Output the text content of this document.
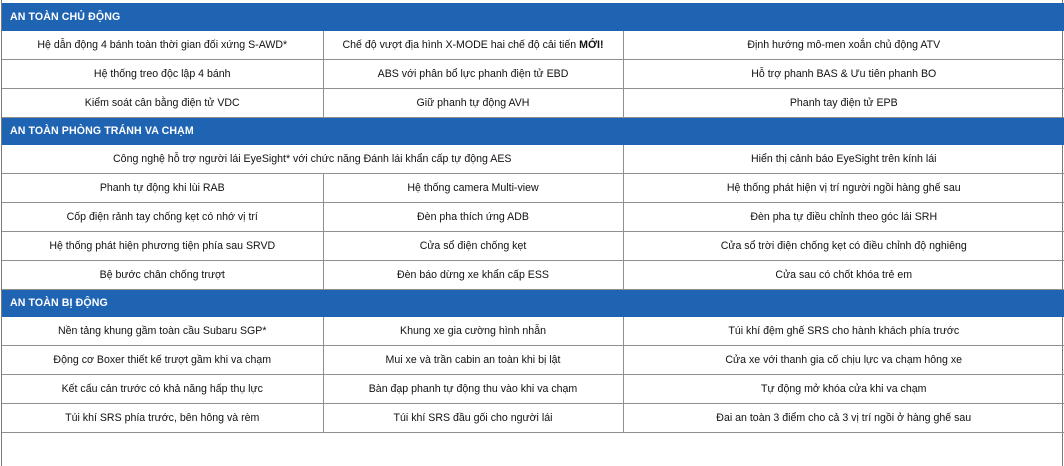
AN TOÀN CHỦ ĐỘNG		
Hệ dẫn động 4 bánh toàn thời gian đối xứng S-AWD*	Chế độ vượt địa hình X-MODE hai chế độ cải tiến MỚI!	Định hướng mô-men xoắn chủ động ATV
Hệ thống treo độc lập 4 bánh	ABS với phân bổ lực phanh điện tử EBD	Hỗ trợ phanh BAS & Ưu tiên phanh BO
Kiểm soát cân bằng điện tử VDC	Giữ phanh tự động AVH	Phanh tay điện tử EPB
AN TOÀN PHÒNG TRÁNH VA CHẠM		
Công nghệ hỗ trợ người lái EyeSight* với chức năng Đánh lái khẩn cấp tự động AES		Hiển thị cảnh báo EyeSight trên kính lái
Phanh tự động khi lùi RAB	Hệ thống camera Multi-view	Hệ thống phát hiện vị trí người ngồi hàng ghế sau
Cốp điện rảnh tay chống kẹt có nhớ vị trí	Đèn pha thích ứng ADB	Đèn pha tự điều chỉnh theo góc lái SRH
Hệ thống phát hiện phương tiện phía sau SRVD	Cửa sổ điện chống kẹt	Cửa sổ trời điện chống kẹt có điều chỉnh độ nghiêng
Bệ bước chân chống trượt	Đèn báo dừng xe khẩn cấp ESS	Cửa sau có chốt khóa trẻ em
AN TOÀN BỊ ĐỘNG		
Nền tảng khung gầm toàn cầu Subaru SGP*	Khung xe gia cường hình nhẫn	Túi khí đệm ghế SRS cho hành khách phía trước
Động cơ Boxer thiết kế trượt gầm khi va chạm	Mui xe và trần cabin an toàn khi bị lật	Cửa xe với thanh gia cố chịu lực va chạm hông xe
Kết cấu cản trước có khả năng hấp thụ lực	Bàn đạp phanh tự động thu vào khi va chạm	Tự động mở khóa cửa khi va chạm
Túi khí SRS phía trước, bên hông và rèm	Túi khí SRS đầu gối cho người lái	Đai an toàn 3 điểm cho cả 3 vị trí ngồi ở hàng ghế sau
